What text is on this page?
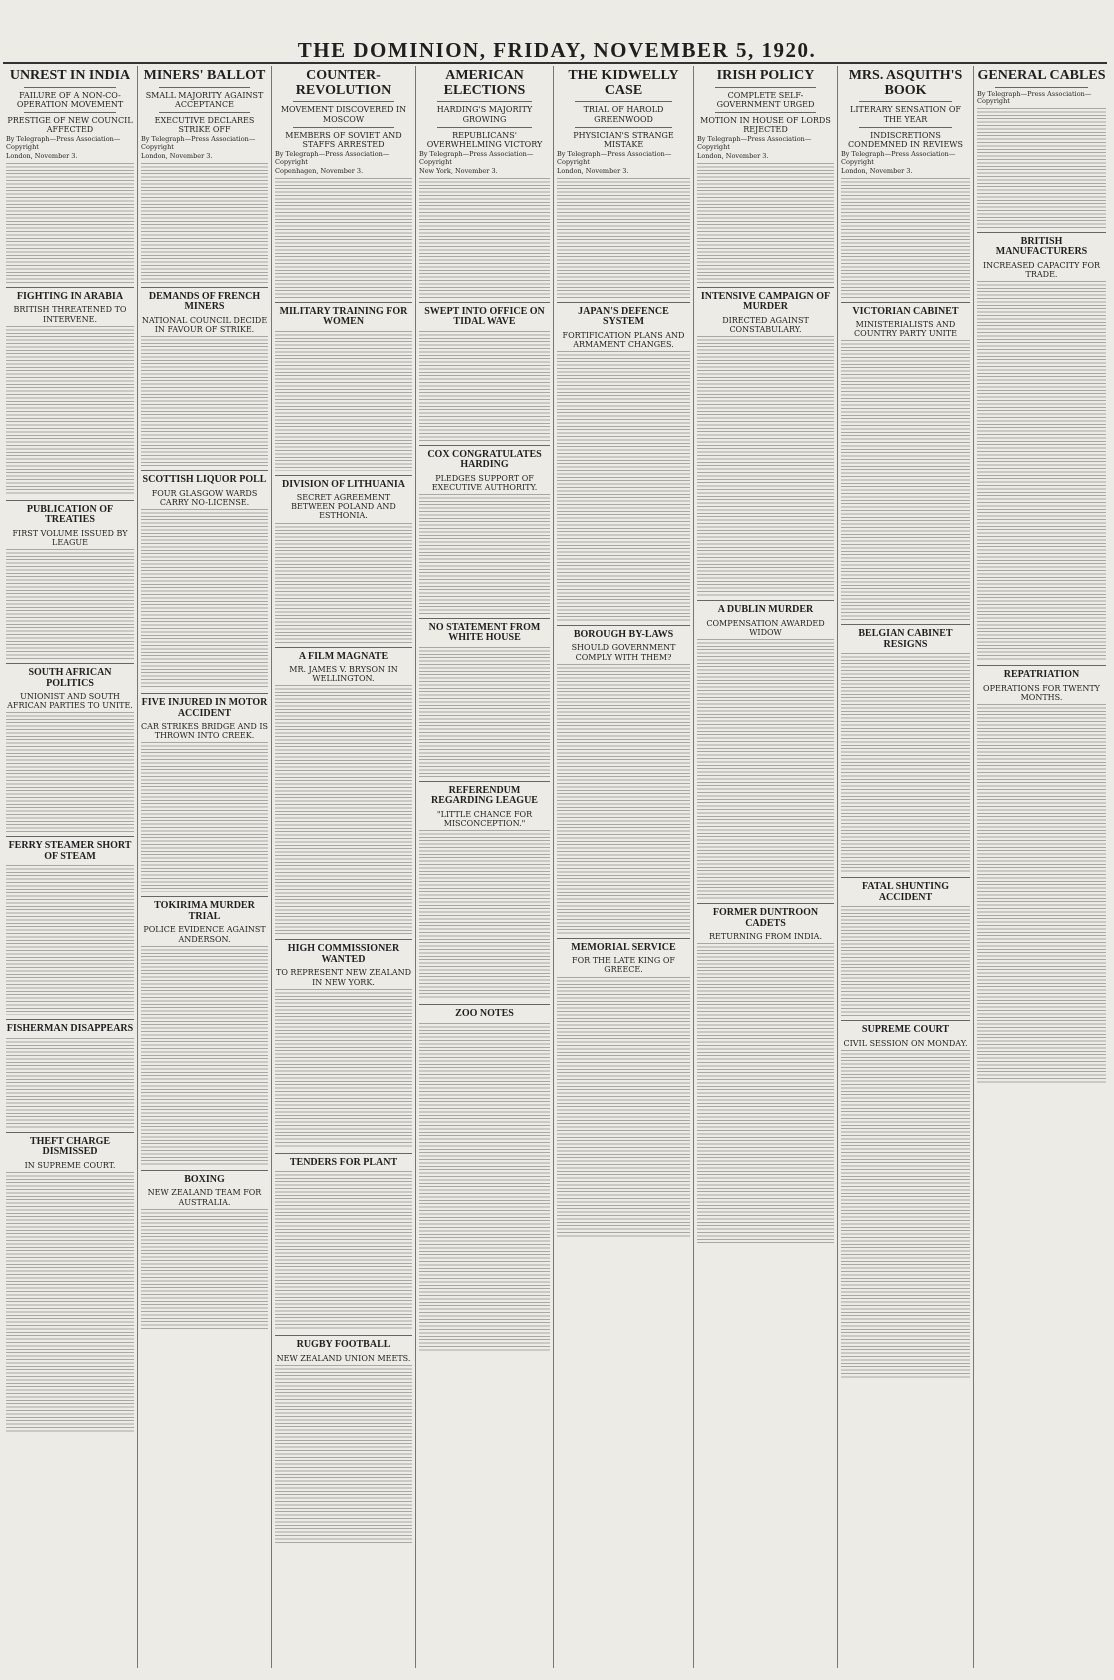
THE DOMINION, FRIDAY, NOVEMBER 5, 1920.
UNREST IN INDIA
FAILURE OF A NON-CO-OPERATION MOVEMENT
PRESTIGE OF NEW COUNCIL AFFECTED
By Telegraph—Press Association—Copyright
London, November 3.
FIGHTING IN ARABIA
BRITISH THREATENED TO INTERVENE.
PUBLICATION OF TREATIES
FIRST VOLUME ISSUED BY LEAGUE
SOUTH AFRICAN POLITICS
UNIONIST AND SOUTH AFRICAN PARTIES TO UNITE.
FERRY STEAMER SHORT OF STEAM
FISHERMAN DISAPPEARS
THEFT CHARGE DISMISSED
IN SUPREME COURT.
MINERS' BALLOT
SMALL MAJORITY AGAINST ACCEPTANCE
EXECUTIVE DECLARES STRIKE OFF
By Telegraph—Press Association—Copyright
London, November 3.
DEMANDS OF FRENCH MINERS
NATIONAL COUNCIL DECIDE IN FAVOUR OF STRIKE.
SCOTTISH LIQUOR POLL
FOUR GLASGOW WARDS CARRY NO-LICENSE.
FIVE INJURED IN MOTOR ACCIDENT
CAR STRIKES BRIDGE AND IS THROWN INTO CREEK.
TOKIRIMA MURDER TRIAL
POLICE EVIDENCE AGAINST ANDERSON.
BOXING
NEW ZEALAND TEAM FOR AUSTRALIA.
COUNTER-REVOLUTION
MOVEMENT DISCOVERED IN MOSCOW
MEMBERS OF SOVIET AND STAFFS ARRESTED
By Telegraph—Press Association—Copyright
Copenhagen, November 3.
MILITARY TRAINING FOR WOMEN
DIVISION OF LITHUANIA
SECRET AGREEMENT BETWEEN POLAND AND ESTHONIA.
A FILM MAGNATE
MR. JAMES V. BRYSON IN WELLINGTON.
HIGH COMMISSIONER WANTED
TO REPRESENT NEW ZEALAND IN NEW YORK.
TENDERS FOR PLANT
RUGBY FOOTBALL
NEW ZEALAND UNION MEETS.
AMERICAN ELECTIONS
HARDING'S MAJORITY GROWING
REPUBLICANS' OVERWHELMING VICTORY
By Telegraph—Press Association—Copyright
New York, November 3.
SWEPT INTO OFFICE ON TIDAL WAVE
COX CONGRATULATES HARDING
PLEDGES SUPPORT OF EXECUTIVE AUTHORITY.
NO STATEMENT FROM WHITE HOUSE
REFERENDUM REGARDING LEAGUE
"LITTLE CHANCE FOR MISCONCEPTION."
ZOO NOTES
THE KIDWELLY CASE
TRIAL OF HAROLD GREENWOOD
PHYSICIAN'S STRANGE MISTAKE
By Telegraph—Press Association—Copyright
London, November 3.
JAPAN'S DEFENCE SYSTEM
FORTIFICATION PLANS AND ARMAMENT CHANGES.
BOROUGH BY-LAWS
SHOULD GOVERNMENT COMPLY WITH THEM?
MEMORIAL SERVICE
FOR THE LATE KING OF GREECE.
IRISH POLICY
COMPLETE SELF-GOVERNMENT URGED
MOTION IN HOUSE OF LORDS REJECTED
By Telegraph—Press Association—Copyright
London, November 3.
INTENSIVE CAMPAIGN OF MURDER
DIRECTED AGAINST CONSTABULARY.
A DUBLIN MURDER
COMPENSATION AWARDED WIDOW
FORMER DUNTROON CADETS
RETURNING FROM INDIA.
MRS. ASQUITH'S BOOK
LITERARY SENSATION OF THE YEAR
INDISCRETIONS CONDEMNED IN REVIEWS
By Telegraph—Press Association—Copyright
London, November 3.
VICTORIAN CABINET
MINISTERIALISTS AND COUNTRY PARTY UNITE
BELGIAN CABINET RESIGNS
FATAL SHUNTING ACCIDENT
SUPREME COURT
CIVIL SESSION ON MONDAY.
GENERAL CABLES
By Telegraph—Press Association—Copyright
BRITISH MANUFACTURERS
INCREASED CAPACITY FOR TRADE.
REPATRIATION
OPERATIONS FOR TWENTY MONTHS.
